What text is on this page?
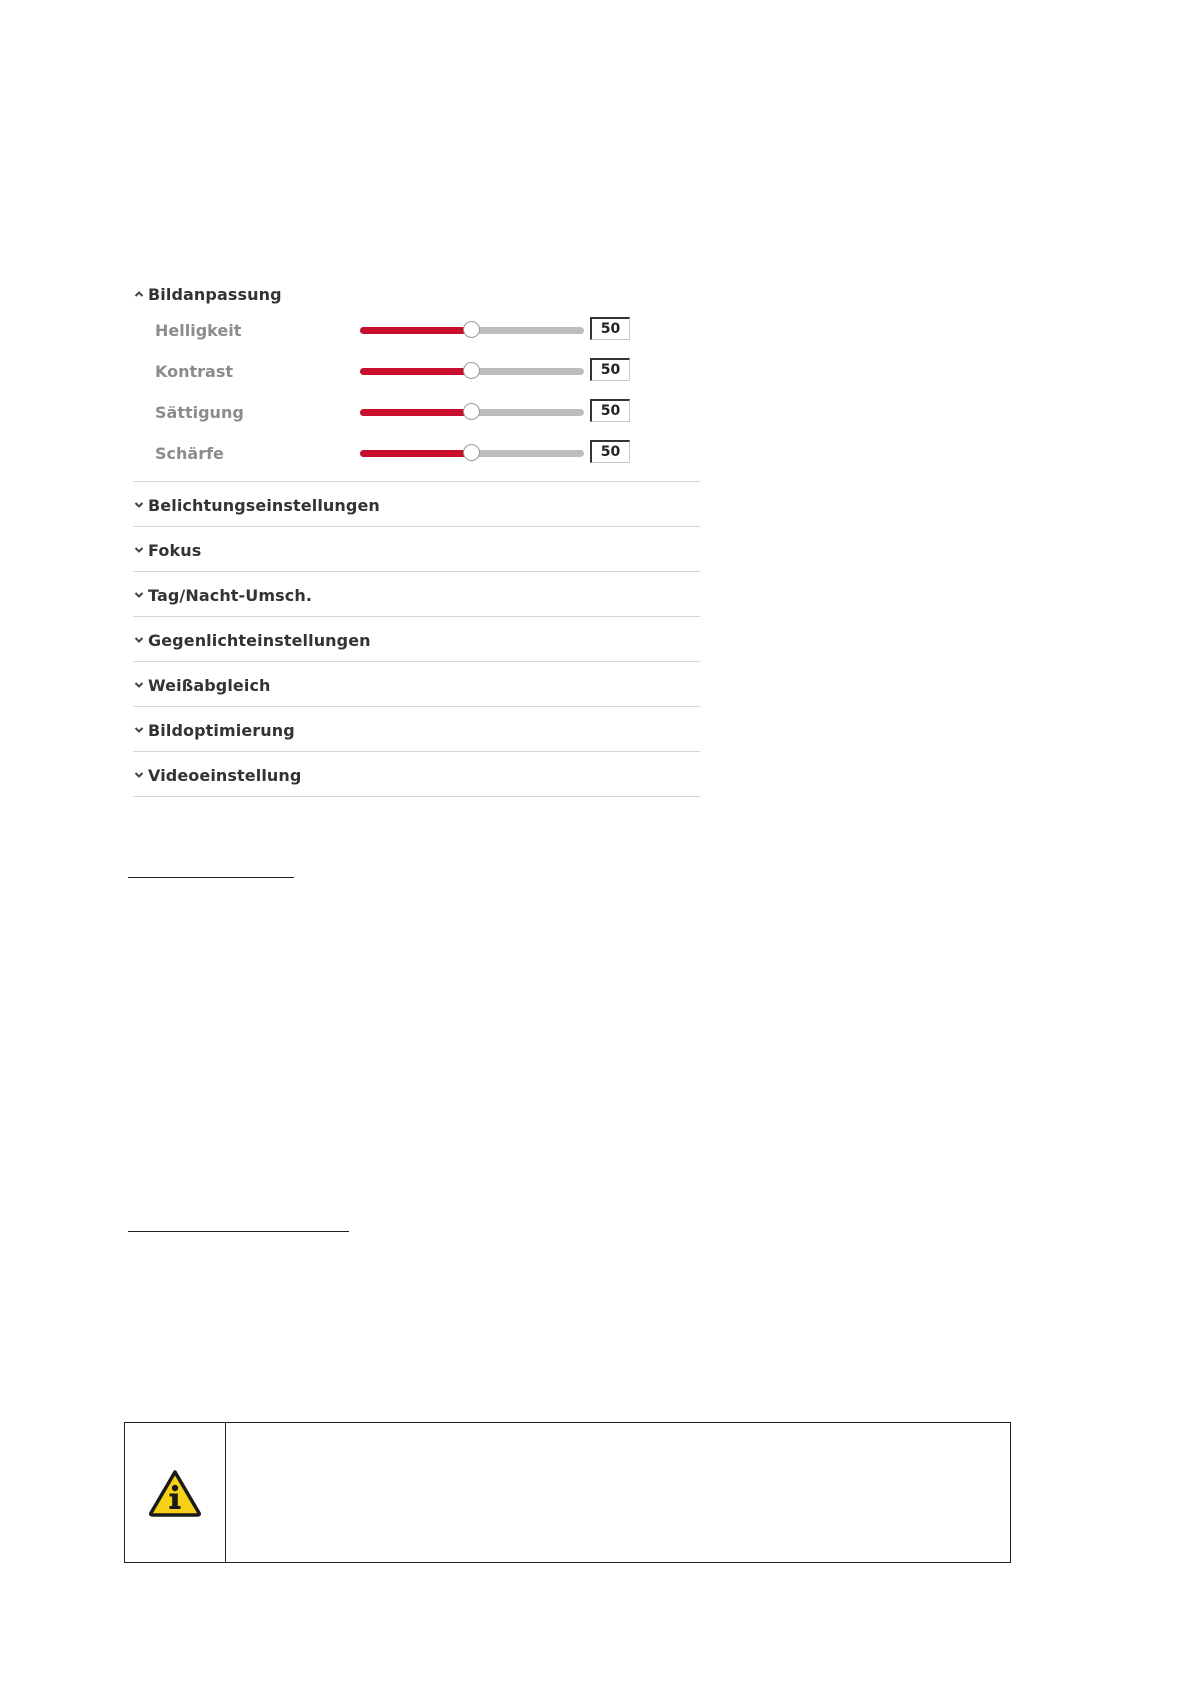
Bildanpassung
Helligkeit
50
Kontrast
50
Sättigung
50
Schärfe
50
Belichtungseinstellungen
Fokus
Tag/Nacht-Umsch.
Gegenlichteinstellungen
Weißabgleich
Bildoptimierung
Videoeinstellung
